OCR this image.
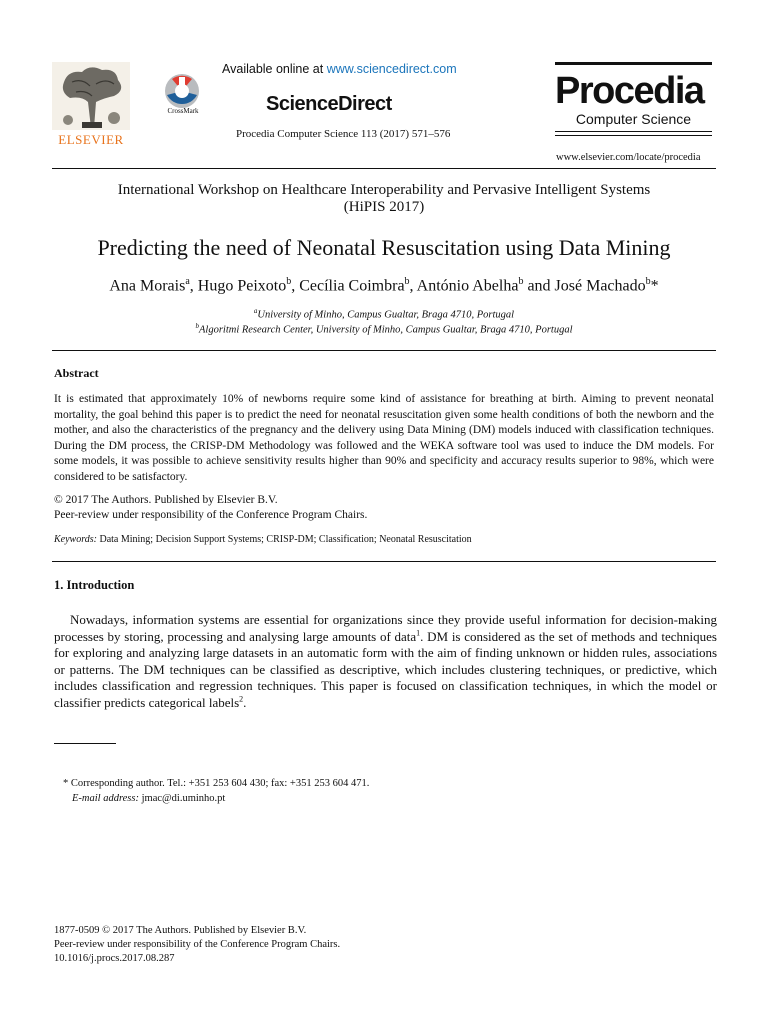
ELSEVIER
CrossMark
Available online at www.sciencedirect.com
ScienceDirect
Procedia Computer Science 113 (2017) 571–576
Procedia
Computer Science
www.elsevier.com/locate/procedia
International Workshop on Healthcare Interoperability and Pervasive Intelligent Systems
(HiPIS 2017)
Predicting the need of Neonatal Resuscitation using Data Mining
Ana Morais$^a$, Hugo Peixoto$^b$, Cecília Coimbra$^b$, António Abelha$^b$ and José Machado$^b$*
$^a$University of Minho, Campus Gualtar, Braga 4710, Portugal
$^b$Algoritmi Research Center, University of Minho, Campus Gualtar, Braga 4710, Portugal
Abstract
It is estimated that approximately 10% of newborns require some kind of assistance for breathing at birth. Aiming to prevent neonatal mortality, the goal behind this paper is to predict the need for neonatal resuscitation given some health conditions of both the newborn and the mother, and also the characteristics of the pregnancy and the delivery using Data Mining (DM) models induced with classification techniques. During the DM process, the CRISP-DM Methodology was followed and the WEKA software tool was used to induce the DM models. For some models, it was possible to achieve sensitivity results higher than 90% and specificity and accuracy results superior to 98%, which were considered to be satisfactory.
© 2017 The Authors. Published by Elsevier B.V.
Peer-review under responsibility of the Conference Program Chairs.
Keywords: Data Mining; Decision Support Systems; CRISP-DM; Classification; Neonatal Resuscitation
1. Introduction
Nowadays, information systems are essential for organizations since they provide useful information for decision-making processes by storing, processing and analysing large amounts of data$^1$. DM is considered as the set of methods and techniques for exploring and analyzing large datasets in an automatic form with the aim of finding unknown or hidden rules, associations or patterns. The DM techniques can be classified as descriptive, which includes clustering techniques, or predictive, which includes classification and regression techniques. This paper is focused on classification techniques, in which the model or classifier predicts categorical labels$^2$.
* Corresponding author. Tel.: +351 253 604 430; fax: +351 253 604 471.
E-mail address: jmac@di.uminho.pt
1877-0509 © 2017 The Authors. Published by Elsevier B.V.
Peer-review under responsibility of the Conference Program Chairs.
10.1016/j.procs.2017.08.287
